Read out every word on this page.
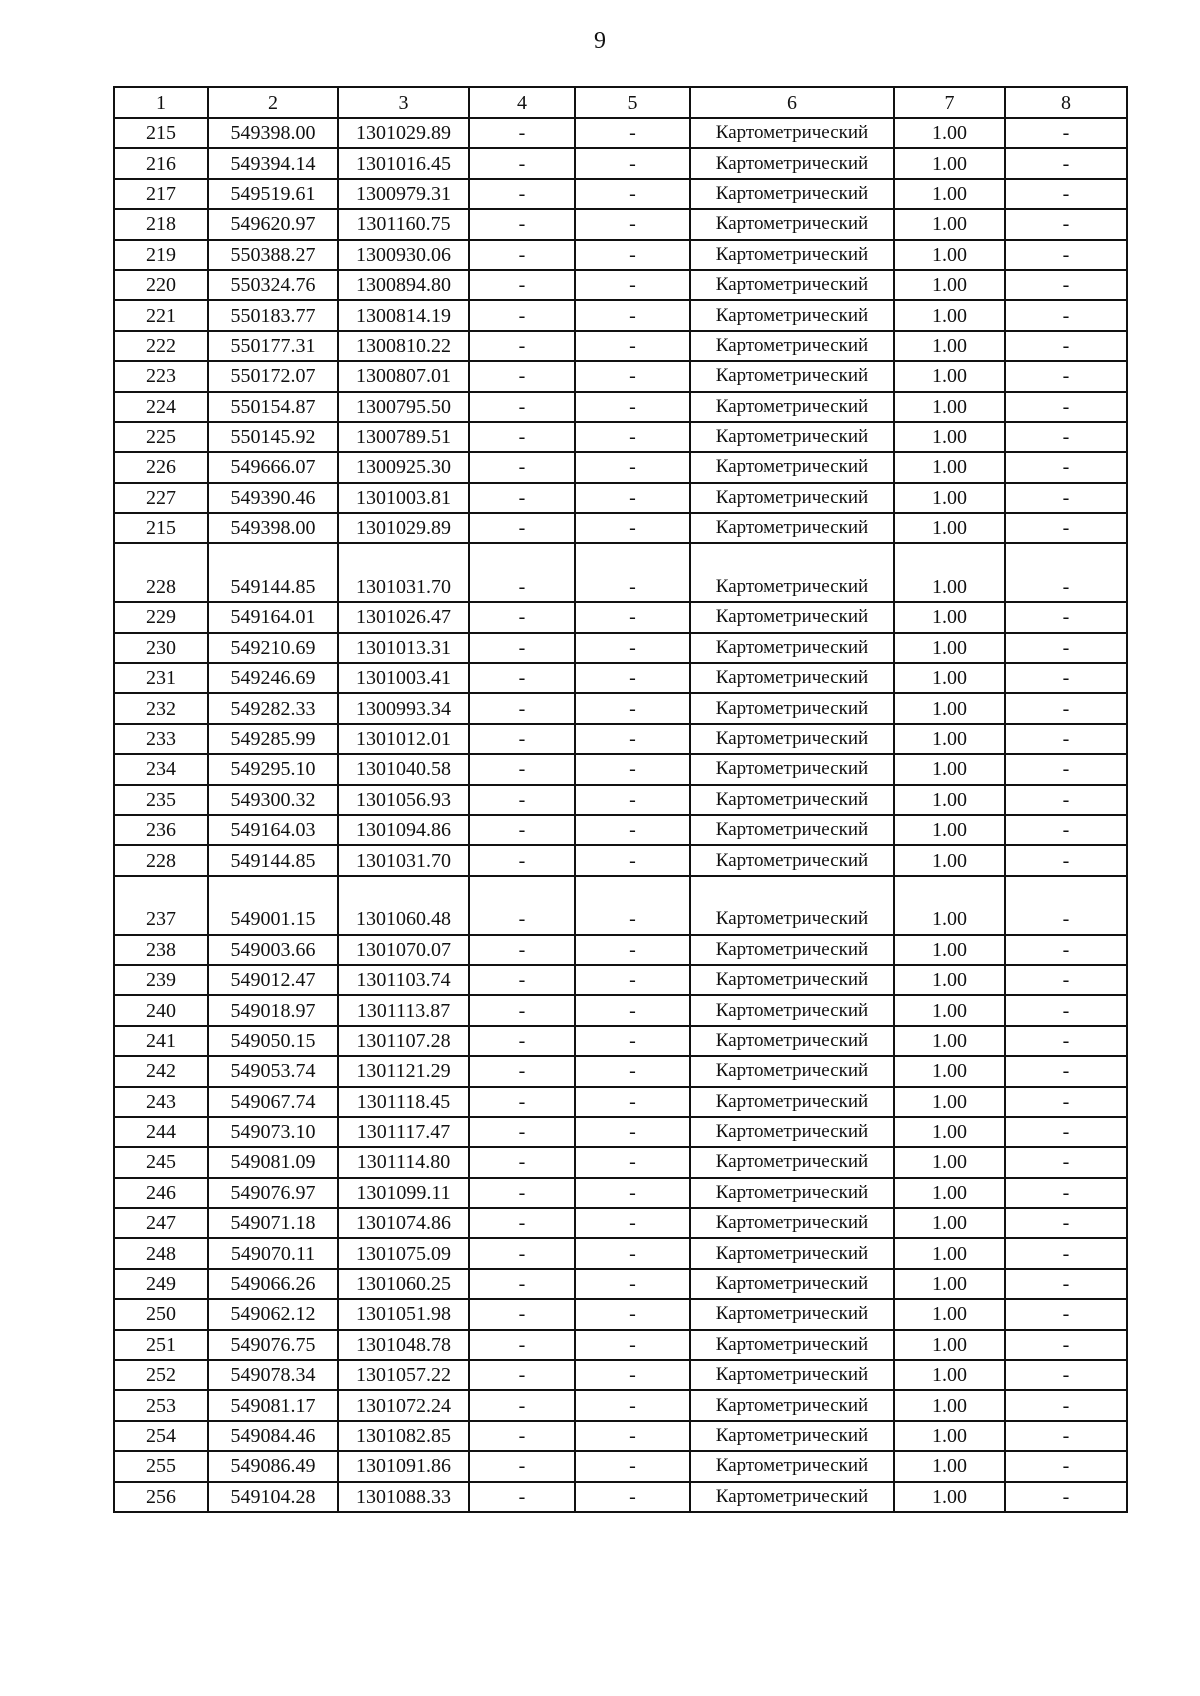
9
1	2	3	4	5	6	7	8
215	549398.00	1301029.89	-	-	Картометрический	1.00	-
216	549394.14	1301016.45	-	-	Картометрический	1.00	-
217	549519.61	1300979.31	-	-	Картометрический	1.00	-
218	549620.97	1301160.75	-	-	Картометрический	1.00	-
219	550388.27	1300930.06	-	-	Картометрический	1.00	-
220	550324.76	1300894.80	-	-	Картометрический	1.00	-
221	550183.77	1300814.19	-	-	Картометрический	1.00	-
222	550177.31	1300810.22	-	-	Картометрический	1.00	-
223	550172.07	1300807.01	-	-	Картометрический	1.00	-
224	550154.87	1300795.50	-	-	Картометрический	1.00	-
225	550145.92	1300789.51	-	-	Картометрический	1.00	-
226	549666.07	1300925.30	-	-	Картометрический	1.00	-
227	549390.46	1301003.81	-	-	Картометрический	1.00	-
215	549398.00	1301029.89	-	-	Картометрический	1.00	-

228	549144.85	1301031.70	-	-	Картометрический	1.00	-
229	549164.01	1301026.47	-	-	Картометрический	1.00	-
230	549210.69	1301013.31	-	-	Картометрический	1.00	-
231	549246.69	1301003.41	-	-	Картометрический	1.00	-
232	549282.33	1300993.34	-	-	Картометрический	1.00	-
233	549285.99	1301012.01	-	-	Картометрический	1.00	-
234	549295.10	1301040.58	-	-	Картометрический	1.00	-
235	549300.32	1301056.93	-	-	Картометрический	1.00	-
236	549164.03	1301094.86	-	-	Картометрический	1.00	-
228	549144.85	1301031.70	-	-	Картометрический	1.00	-

237	549001.15	1301060.48	-	-	Картометрический	1.00	-
238	549003.66	1301070.07	-	-	Картометрический	1.00	-
239	549012.47	1301103.74	-	-	Картометрический	1.00	-
240	549018.97	1301113.87	-	-	Картометрический	1.00	-
241	549050.15	1301107.28	-	-	Картометрический	1.00	-
242	549053.74	1301121.29	-	-	Картометрический	1.00	-
243	549067.74	1301118.45	-	-	Картометрический	1.00	-
244	549073.10	1301117.47	-	-	Картометрический	1.00	-
245	549081.09	1301114.80	-	-	Картометрический	1.00	-
246	549076.97	1301099.11	-	-	Картометрический	1.00	-
247	549071.18	1301074.86	-	-	Картометрический	1.00	-
248	549070.11	1301075.09	-	-	Картометрический	1.00	-
249	549066.26	1301060.25	-	-	Картометрический	1.00	-
250	549062.12	1301051.98	-	-	Картометрический	1.00	-
251	549076.75	1301048.78	-	-	Картометрический	1.00	-
252	549078.34	1301057.22	-	-	Картометрический	1.00	-
253	549081.17	1301072.24	-	-	Картометрический	1.00	-
254	549084.46	1301082.85	-	-	Картометрический	1.00	-
255	549086.49	1301091.86	-	-	Картометрический	1.00	-
256	549104.28	1301088.33	-	-	Картометрический	1.00	-
